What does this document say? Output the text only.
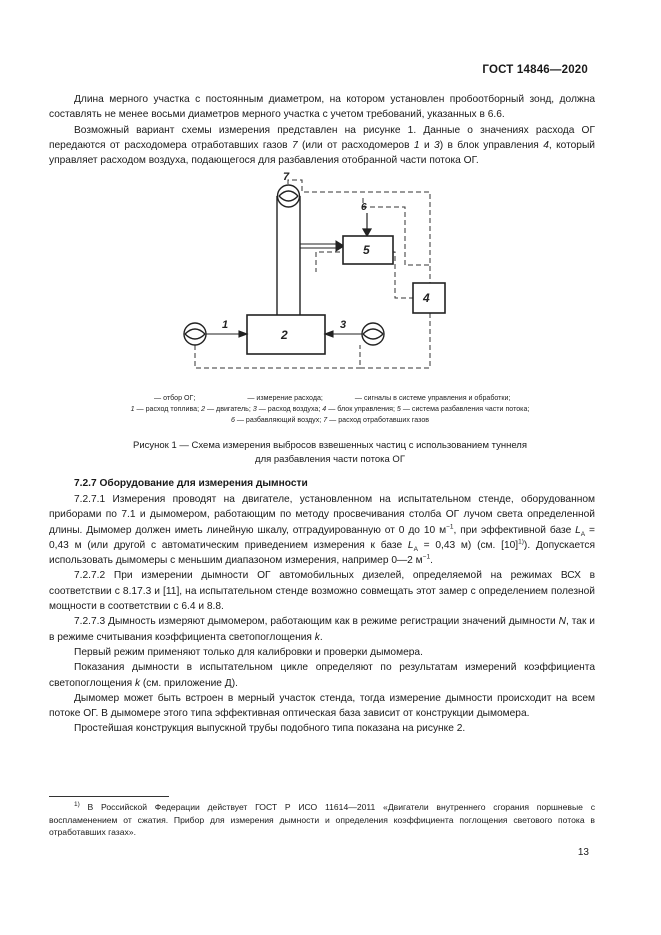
ГОСТ 14846—2020

Длина мерного участка с постоянным диаметром, на котором установлен пробоотборный зонд, должна составлять не менее восьми диаметров мерного участка с учетом требований, указанных в 6.6.

Возможный вариант схемы измерения представлен на рисунке 1. Данные о значениях расхода ОГ передаются от расходомера отработавших газов 7 (или от расходомеров 1 и 3) в блок управления 4, который управляет расходом воздуха, подающегося для разбавления отобранной части потока ОГ.

7
6
5
4
2
1	3
— отбор ОГ;	— измерение расхода;	— сигналы в системе управления и обработки;
1 — расход топлива; 2 — двигатель; 3 — расход воздуха; 4 — блок управления; 5 — система разбавления части потока;
6 — разбавляющий воздух; 7 — расход отработавших газов
Рисунок 1 — Схема измерения выбросов взвешенных частиц с использованием туннеля
для разбавления части потока ОГ
7.2.7 Оборудование для измерения дымности

7.2.7.1 Измерения проводят на двигателе, установленном на испытательном стенде, оборудованном приборами по 7.1 и дымомером, работающим по методу просвечивания столба ОГ лучом света определенной длины. Дымомер должен иметь линейную шкалу, отградуированную от 0 до 10 $м^{-1}$, при эффективной базе $L_A = 0,43$ м (или другой с автоматическим приведением измерения к базе $L_A = 0,43$ м) (см. $[10]^{1)}$). Допускается использовать дымомеры с меньшим диапазоном измерения, например 0—2 $м^{-1}$.

7.2.7.2 При измерении дымности ОГ автомобильных дизелей, определяемой на режимах ВСХ в соответствии с 8.17.3 и [11], на испытательном стенде возможно совмещать этот замер с определением полезной мощности в соответствии с 6.4 и 8.8.

7.2.7.3 Дымность измеряют дымомером, работающим как в режиме регистрации значений дымности N, так и в режиме считывания коэффициента светопоглощения k.

Первый режим применяют только для калибровки и проверки дымомера.

Показания дымности в испытательном цикле определяют по результатам измерений коэффициента светопоглощения k (см. приложение Д).

Дымомер может быть встроен в мерный участок стенда, тогда измерение дымности происходит на всем потоке ОГ. В дымомере этого типа эффективная оптическая база зависит от конструкции дымомера.

Простейшая конструкция выпускной трубы подобного типа показана на рисунке 2.

$^{1)}$ В Российской Федерации действует ГОСТ Р ИСО 11614—2011 «Двигатели внутреннего сгорания поршневые с воспламенением от сжатия. Прибор для измерения дымности и определения коэффициента поглощения светового потока в отработавших газах».

13
